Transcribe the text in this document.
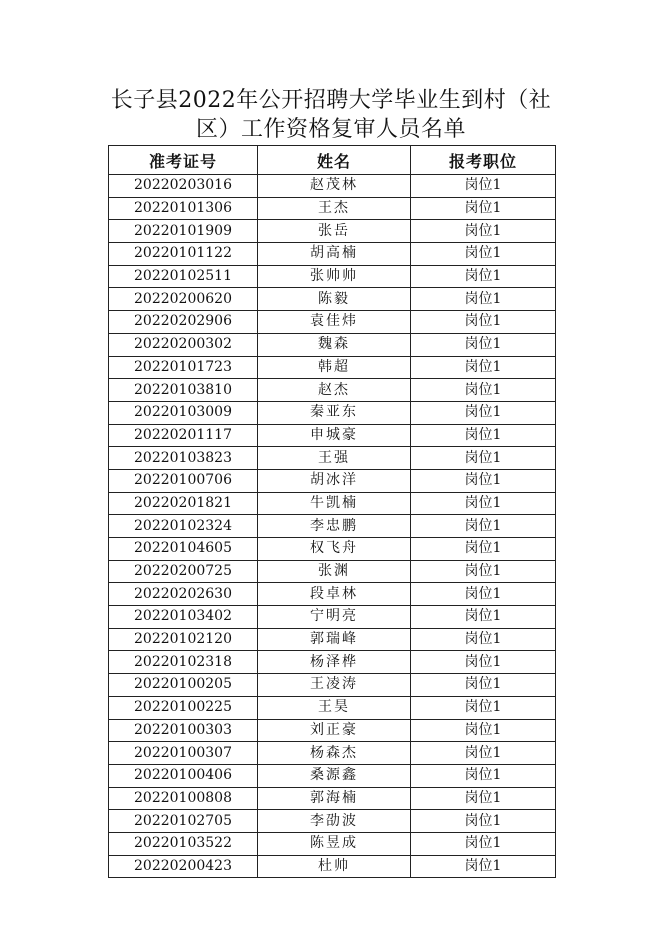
长子县2022年公开招聘大学毕业生到村（社
区）工作资格复审人员名单
准考证号	姓名	报考职位
20220203016	赵茂林	岗位1
20220101306	王杰	岗位1
20220101909	张岳	岗位1
20220101122	胡高楠	岗位1
20220102511	张帅帅	岗位1
20220200620	陈毅	岗位1
20220202906	袁佳炜	岗位1
20220200302	魏森	岗位1
20220101723	韩超	岗位1
20220103810	赵杰	岗位1
20220103009	秦亚东	岗位1
20220201117	申城豪	岗位1
20220103823	王强	岗位1
20220100706	胡冰洋	岗位1
20220201821	牛凯楠	岗位1
20220102324	李忠鹏	岗位1
20220104605	权飞舟	岗位1
20220200725	张渊	岗位1
20220202630	段卓林	岗位1
20220103402	宁明亮	岗位1
20220102120	郭瑞峰	岗位1
20220102318	杨泽桦	岗位1
20220100205	王凌涛	岗位1
20220100225	王昊	岗位1
20220100303	刘正豪	岗位1
20220100307	杨森杰	岗位1
20220100406	桑源鑫	岗位1
20220100808	郭海楠	岗位1
20220102705	李劭波	岗位1
20220103522	陈昱成	岗位1
20220200423	杜帅	岗位1
